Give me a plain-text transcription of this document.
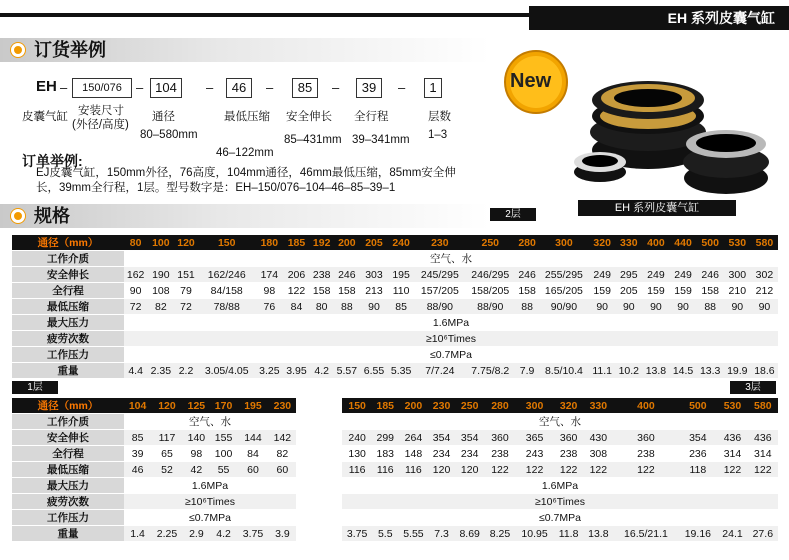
EH 系列皮囊气缸
订货举例
EH –	150/076	– 104	–	46	–	85	–	39	–	1
皮囊气缸 安装尺寸
(外径/高度)
通径
80–580mm
最低压缩
46–122mm
安全伸长
85–431mm
全行程
39–341mm
层数
1–3
订单举例:
EJ皮囊气缸，150mm外径，76高度，104mm通径，46mm最低压缩，85mm安全伸
长，39mm全行程，1层。型号数字是：EH–150/076–104–46–85–39–1
New
EH 系列皮囊气缸
规格	2层
通径（mm）	80	100	120	150	180	185	192	200	205	240	230	250	280	300	320	330	400	440	500	530	580
工作介质	空气、水																				
安全伸长	162	190	151	162/246	174	206	238	246	303	195	245/295	246/295	246	255/295	249	295	249	249	246	300	302
全行程	90	108	79	84/158	98	122	158	158	213	110	157/205	158/205	158	165/205	159	205	159	159	158	210	212
最低压缩	72	82	72	78/88	76	84	80	88	90	85	88/90	88/90	88	90/90	90	90	90	90	88	90	90
最大压力	1.6MPa																				
疲劳次数	≥10⁶Times																				
工作压力	≤0.7MPa																				
重量	4.4	2.35	2.2	3.05/4.05	3.25	3.95	4.2	5.57	6.55	5.35	7/7.24	7.75/8.2	7.9	8.5/10.4	11.1	10.2	13.8	14.5	13.3	19.9	18.6
1层	3层
通径（mm）	104	120	125	170	195	230
工作介质	空气、水					
安全伸长	85	117	140	155	144	142
全行程	39	65	98	100	84	82
最低压缩	46	52	42	55	60	60
最大压力	1.6MPa					
疲劳次数	≥10⁶Times					
工作压力	≤0.7MPa					
重量	1.4	2.25	2.9	4.2	3.75	3.9
150	185	200	230	250	280	300	320	330	400	500	530	580
空气、水												
240	299	264	354	354	360	365	360	430	360	354	436	436
130	183	148	234	234	238	243	238	308	238	236	314	314
116	116	116	120	120	122	122	122	122	122	118	122	122
1.6MPa												
≥10⁶Times												
≤0.7MPa												
3.75	5.5	5.55	7.3	8.69	8.25	10.95	11.8	13.8	16.5/21.1	19.16	24.1	27.6
